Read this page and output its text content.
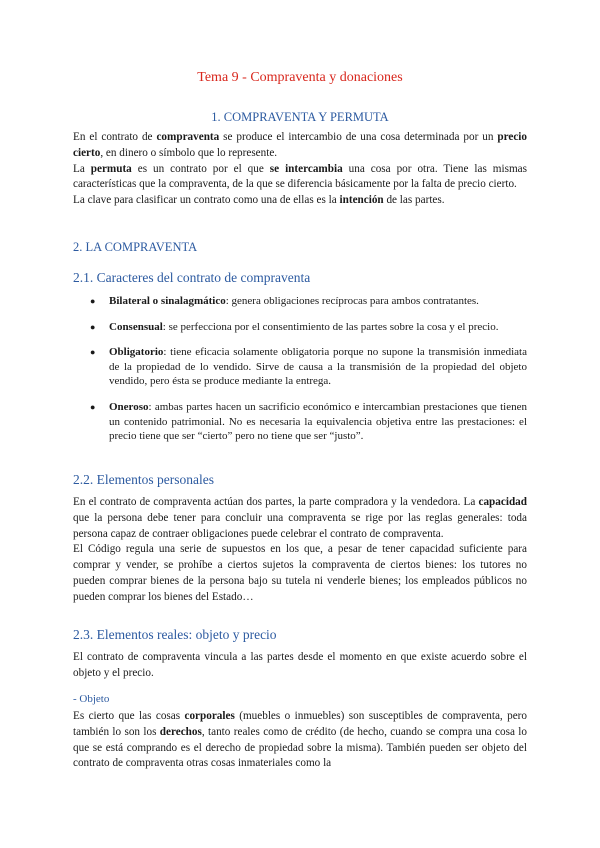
Tema 9 - Compraventa y donaciones
1. COMPRAVENTA Y PERMUTA

En el contrato de compraventa se produce el intercambio de una cosa determinada por un precio cierto, en dinero o símbolo que lo represente.

La permuta es un contrato por el que se intercambia una cosa por otra. Tiene las mismas características que la compraventa, de la que se diferencia básicamente por la falta de precio cierto.

La clave para clasificar un contrato como una de ellas es la intención de las partes.

2. LA COMPRAVENTA
2.1. Caracteres del contrato de compraventa
● Bilateral o sinalagmático: genera obligaciones recíprocas para ambos contratantes.
● Consensual: se perfecciona por el consentimiento de las partes sobre la cosa y el precio.
● Obligatorio: tiene eficacia solamente obligatoria porque no supone la transmisión inmediata de la propiedad de lo vendido. Sirve de causa a la transmisión de la propiedad del objeto vendido, pero ésta se produce mediante la entrega.
● Oneroso: ambas partes hacen un sacrificio económico e intercambian prestaciones que tienen un contenido patrimonial. No es necesaria la equivalencia objetiva entre las prestaciones: el precio tiene que ser “cierto” pero no tiene que ser “justo”.
2.2. Elementos personales

En el contrato de compraventa actúan dos partes, la parte compradora y la vendedora. La capacidad que la persona debe tener para concluir una compraventa se rige por las reglas generales: toda persona capaz de contraer obligaciones puede celebrar el contrato de compraventa.

El Código regula una serie de supuestos en los que, a pesar de tener capacidad suficiente para comprar y vender, se prohíbe a ciertos sujetos la compraventa de ciertos bienes: los tutores no pueden comprar bienes de la persona bajo su tutela ni venderle bienes; los empleados públicos no pueden comprar los bienes del Estado…

2.3. Elementos reales: objeto y precio

El contrato de compraventa vincula a las partes desde el momento en que existe acuerdo sobre el objeto y el precio.

- Objeto

Es cierto que las cosas corporales (muebles o inmuebles) son susceptibles de compraventa, pero también lo son los derechos, tanto reales como de crédito (de hecho, cuando se compra una cosa lo que se está comprando es el derecho de propiedad sobre la misma). También pueden ser objeto del contrato de compraventa otras cosas inmateriales como la
